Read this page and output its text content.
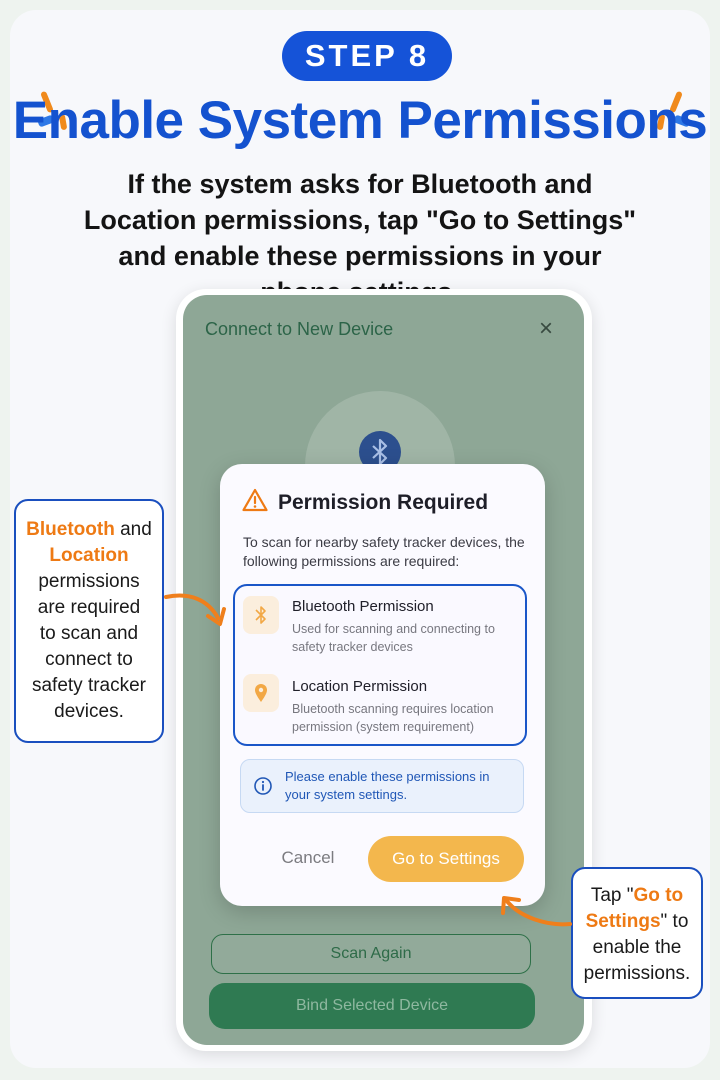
STEP 8
Enable System Permissions
If the system asks for Bluetooth and Location permissions, tap "Go to Settings" and enable these permissions in your
Connect to New Device	×
Scan Again
Bind Selected Device
Permission Required
To scan for nearby safety tracker devices, the following permissions are required:
Bluetooth Permission
Used for scanning and connecting to safety tracker devices
Location Permission
Bluetooth scanning requires location permission (system requirement)
Please enable these permissions in your system settings.
Cancel	Go to Settings
Bluetooth and
Location
permissions are required to scan and connect to safety tracker devices.
Tap "Go to Settings" to enable the permissions.
